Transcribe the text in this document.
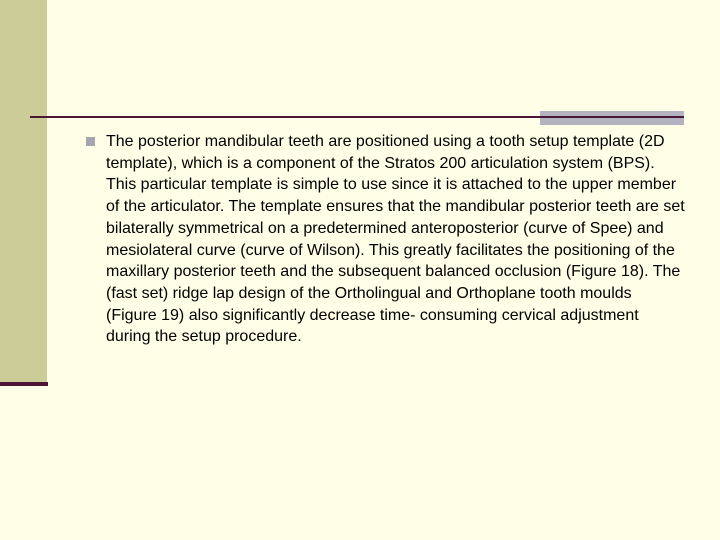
The posterior mandibular teeth are positioned using a tooth setup template (2D template), which is a component of the Stratos 200 articulation system (BPS). This particular template is simple to use since it is attached to the upper member of the articulator. The template ensures that the mandibular posterior teeth are set bilaterally symmetrical on a predetermined anteroposterior (curve of Spee) and mesiolateral curve (curve of Wilson). This greatly facilitates the positioning of the maxillary posterior teeth and the subsequent balanced occlusion (Figure 18). The (fast set) ridge lap design of the Ortholingual and Orthoplane tooth moulds (Figure 19) also significantly decrease time- consuming cervical adjustment during the setup procedure.
